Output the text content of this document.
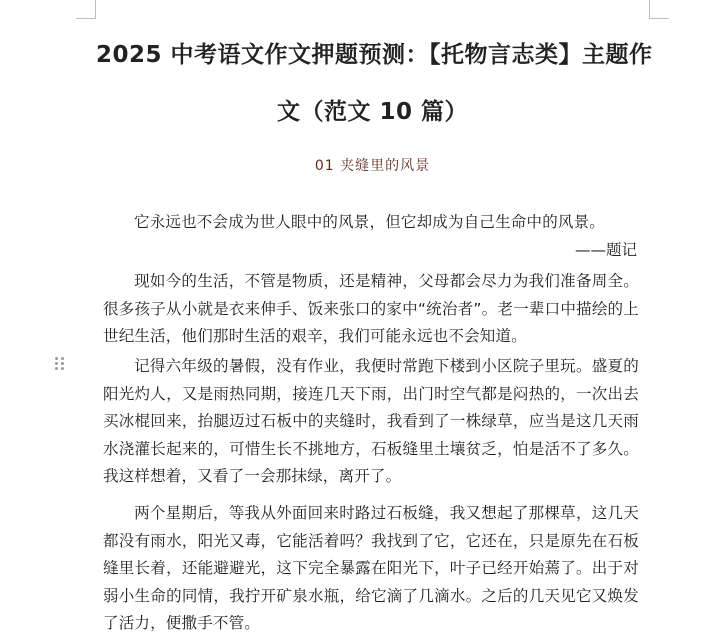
2025 中考语文作文押题预测：【托物言志类】主题作
文（范文 10 篇）
01 夹缝里的风景
它永远也不会成为世人眼中的风景，但它却成为自己生命中的风景。
——题记
现如今的生活，不管是物质，还是精神，父母都会尽力为我们准备周全。很多孩子从小就是衣来伸手、饭来张口的家中“统治者”。老一辈口中描绘的上世纪生活，他们那时生活的艰辛，我们可能永远也不会知道。
记得六年级的暑假，没有作业，我便时常跑下楼到小区院子里玩。盛夏的阳光灼人，又是雨热同期，接连几天下雨，出门时空气都是闷热的，一次出去买冰棍回来，抬腿迈过石板中的夹缝时，我看到了一株绿草，应当是这几天雨水浇灌长起来的，可惜生长不挑地方，石板缝里土壤贫乏，怕是活不了多久。我这样想着，又看了一会那抹绿，离开了。
两个星期后，等我从外面回来时路过石板缝，我又想起了那棵草，这几天都没有雨水，阳光又毒，它能活着吗？我找到了它，它还在，只是原先在石板缝里长着，还能避避光，这下完全暴露在阳光下，叶子已经开始蔫了。出于对弱小生命的同情，我拧开矿泉水瓶，给它滴了几滴水。之后的几天见它又焕发了活力，便撒手不管。
